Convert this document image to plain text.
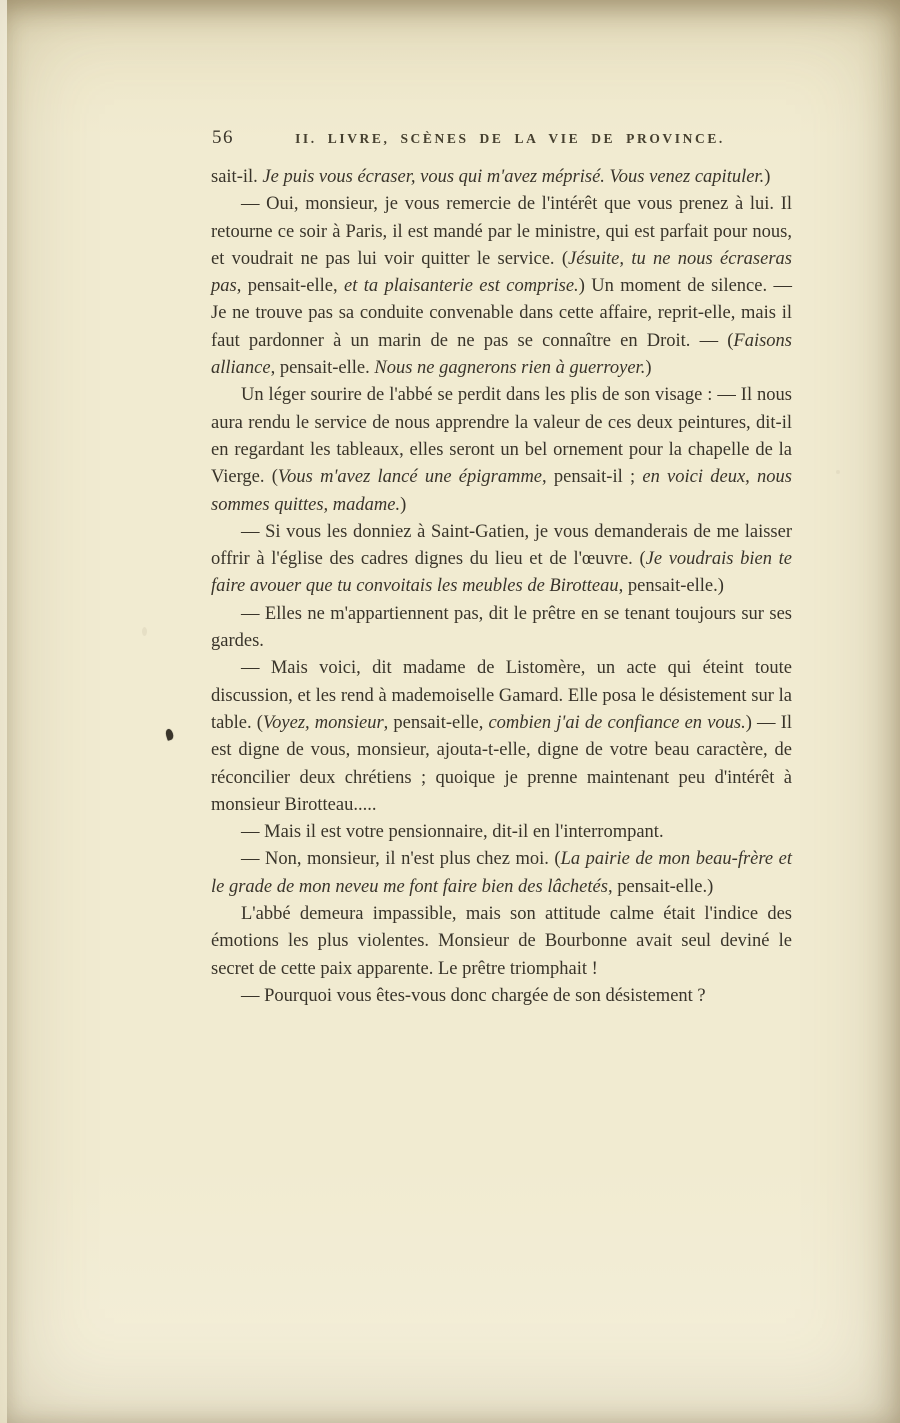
56	II. LIVRE, SCÈNES DE LA VIE DE PROVINCE.

sait-il. Je puis vous écraser, vous qui m'avez méprisé. Vous venez capituler.)

— Oui, monsieur, je vous remercie de l'intérêt que vous prenez à lui. Il retourne ce soir à Paris, il est mandé par le ministre, qui est parfait pour nous, et voudrait ne pas lui voir quitter le service. (Jésuite, tu ne nous écraseras pas, pensait-elle, et ta plaisanterie est comprise.) Un moment de silence. — Je ne trouve pas sa conduite convenable dans cette affaire, reprit-elle, mais il faut pardonner à un marin de ne pas se connaître en Droit. — (Faisons alliance, pensait-elle. Nous ne gagnerons rien à guerroyer.)

Un léger sourire de l'abbé se perdit dans les plis de son visage : — Il nous aura rendu le service de nous apprendre la valeur de ces deux peintures, dit-il en regardant les tableaux, elles seront un bel ornement pour la chapelle de la Vierge. (Vous m'avez lancé une épigramme, pensait-il ; en voici deux, nous sommes quittes, madame.)

— Si vous les donniez à Saint-Gatien, je vous demanderais de me laisser offrir à l'église des cadres dignes du lieu et de l'œuvre. (Je voudrais bien te faire avouer que tu convoitais les meubles de Birotteau, pensait-elle.)

— Elles ne m'appartiennent pas, dit le prêtre en se tenant toujours sur ses gardes.

— Mais voici, dit madame de Listomère, un acte qui éteint toute discussion, et les rend à mademoiselle Gamard. Elle posa le désistement sur la table. (Voyez, monsieur, pensait-elle, combien j'ai de confiance en vous.) — Il est digne de vous, monsieur, ajouta-t-elle, digne de votre beau caractère, de réconcilier deux chrétiens ; quoique je prenne maintenant peu d'intérêt à monsieur Birotteau.....

— Mais il est votre pensionnaire, dit-il en l'interrompant.

— Non, monsieur, il n'est plus chez moi. (La pairie de mon beau-frère et le grade de mon neveu me font faire bien des lâchetés, pensait-elle.)

L'abbé demeura impassible, mais son attitude calme était l'indice des émotions les plus violentes. Monsieur de Bourbonne avait seul deviné le secret de cette paix apparente. Le prêtre triomphait !

— Pourquoi vous êtes-vous donc chargée de son désistement ?
